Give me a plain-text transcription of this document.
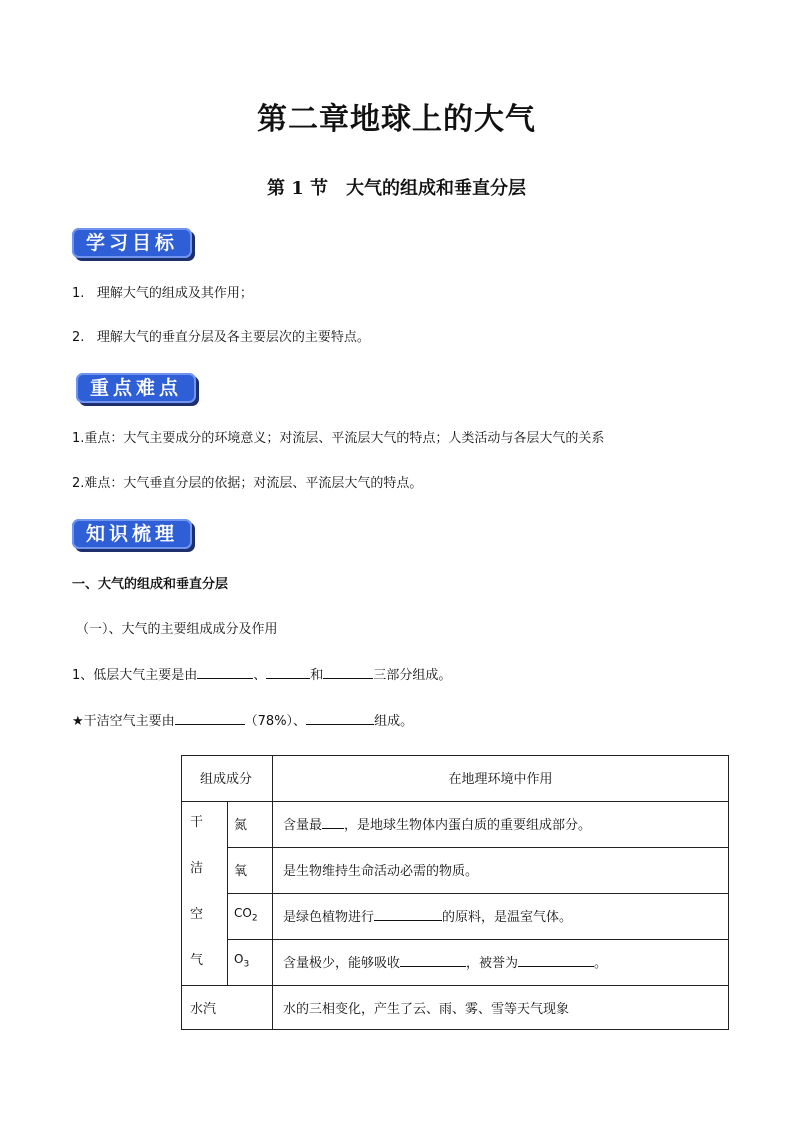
第二章地球上的大气
第 1 节　大气的组成和垂直分层
学习目标
1. 理解大气的组成及其作用；
2. 理解大气的垂直分层及各主要层次的主要特点。
重点难点
1.重点：大气主要成分的环境意义；对流层、平流层大气的特点；人类活动与各层大气的关系
2.难点：大气垂直分层的依据；对流层、平流层大气的特点。
知识梳理
一、大气的组成和垂直分层
（一）、大气的主要组成成分及作用
1、低层大气主要是由	、	和	三部分组成。
★干洁空气主要由	（78%）、	组成。
组成成分		在地理环境中作用

干
洁
空
气	氮	含量最 ，是地球生物体内蛋白质的重要组成部分。

	氧	是生物维持生命活动必需的物质。

	$CO_2$	是绿色植物进行 的原料，是温室气体。

	$O_3$	含量极少，能够吸收 ，被誉为 。

水汽		水的三相变化，产生了云、雨、雾、雪等天气现象
